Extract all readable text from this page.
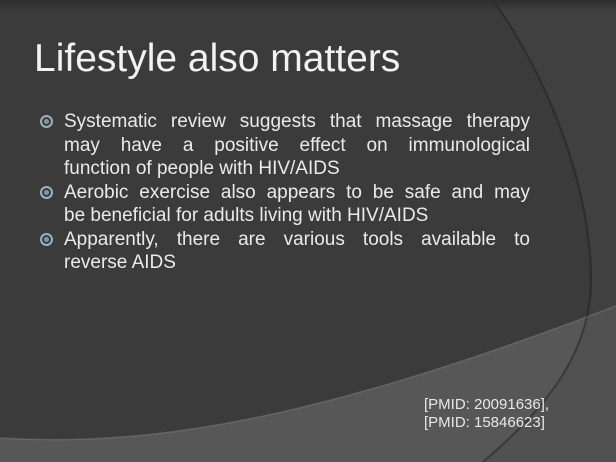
Lifestyle also matters
Systematic review suggests that massage therapy
may have a positive effect on immunological
function of people with HIV/AIDS
Aerobic exercise also appears to be safe and may
be beneficial for adults living with HIV/AIDS
Apparently, there are various tools available to
reverse AIDS
[PMID: 20091636],
[PMID: 15846623]
